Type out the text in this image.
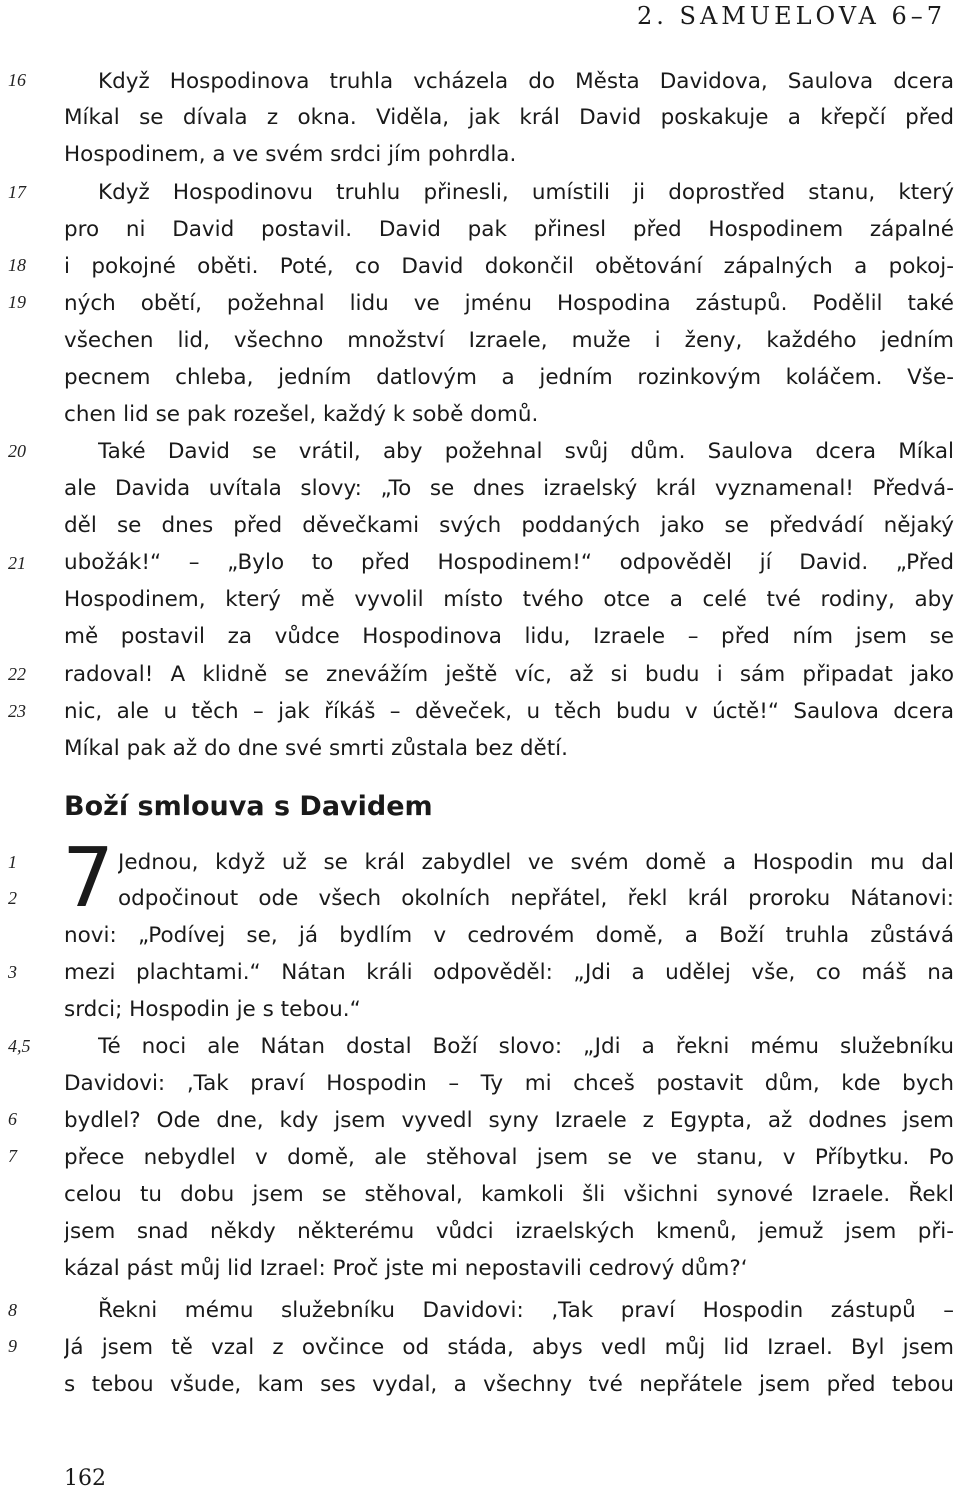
2. SAMUELOVA 6–7
16
17
18
19
20
21
22
23
1
2
3
4,5
6
7
8
9
Když Hospodinova truhla vcházela do Města Davidova, Saulova dcera
Míkal se dívala z okna. Viděla, jak král David poskakuje a křepčí před
Hospodinem, a ve svém srdci jím pohrdla.
Když Hospodinovu truhlu přinesli, umístili ji doprostřed stanu, který
pro ni David postavil. David pak přinesl před Hospodinem zápalné
i pokojné oběti. Poté, co David dokončil obětování zápalných a pokoj-
ných obětí, požehnal lidu ve jménu Hospodina zástupů. Podělil také
všechen lid, všechno množství Izraele, muže i ženy, každého jedním
pecnem chleba, jedním datlovým a jedním rozinkovým koláčem. Vše-
chen lid se pak rozešel, každý k sobě domů.
Také David se vrátil, aby požehnal svůj dům. Saulova dcera Míkal
ale Davida uvítala slovy: „To se dnes izraelský král vyznamenal! Předvá-
děl se dnes před děvečkami svých poddaných jako se předvádí nějaký
ubožák!“ – „Bylo to před Hospodinem!“ odpověděl jí David. „Před
Hospodinem, který mě vyvolil místo tvého otce a celé tvé rodiny, aby
mě postavil za vůdce Hospodinova lidu, Izraele – před ním jsem se
radoval! A klidně se znevážím ještě víc, až si budu i sám připadat jako
nic, ale u těch – jak říkáš – děveček, u těch budu v úctě!“ Saulova dcera
Míkal pak až do dne své smrti zůstala bez dětí.
Boží smlouva s Davidem
7 Jednou, když už se král zabydlel ve svém domě a Hospodin mu dal
odpočinout ode všech okolních nepřátel, řekl král proroku Nátanovi:
novi: „Podívej se, já bydlím v cedrovém domě, a Boží truhla zůstává
mezi plachtami.“ Nátan králi odpověděl: „Jdi a udělej vše, co máš na
srdci; Hospodin je s tebou.“
Té noci ale Nátan dostal Boží slovo: „Jdi a řekni mému služebníku
Davidovi: ‚Tak praví Hospodin – Ty mi chceš postavit dům, kde bych
bydlel? Ode dne, kdy jsem vyvedl syny Izraele z Egypta, až dodnes jsem
přece nebydlel v domě, ale stěhoval jsem se ve stanu, v Příbytku. Po
celou tu dobu jsem se stěhoval, kamkoli šli všichni synové Izraele. Řekl
jsem snad někdy některému vůdci izraelských kmenů, jemuž jsem při-
kázal pást můj lid Izrael: Proč jste mi nepostavili cedrový dům?‘
Řekni mému služebníku Davidovi: ‚Tak praví Hospodin zástupů –
Já jsem tě vzal z ovčince od stáda, abys vedl můj lid Izrael. Byl jsem
s tebou všude, kam ses vydal, a všechny tvé nepřátele jsem před tebou
162
